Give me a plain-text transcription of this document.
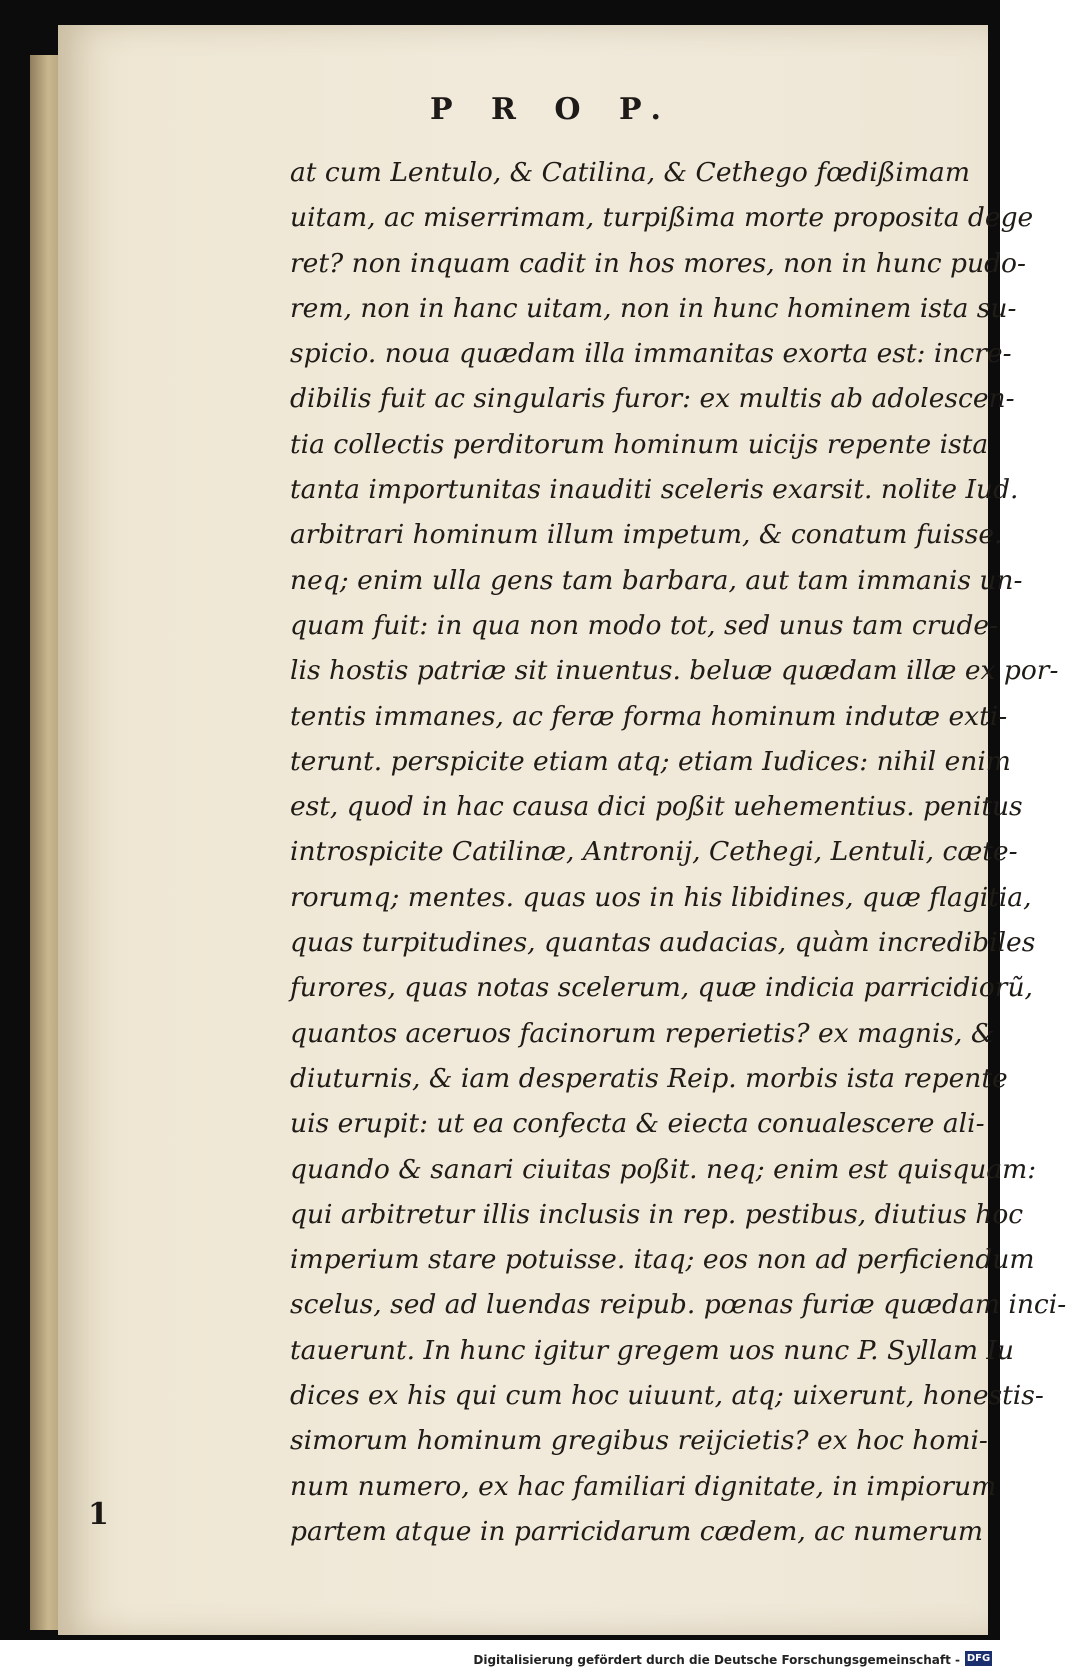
P R O P.
at cum Lentulo, & Catilina, & Cethego fœdißimam
uitam, ac miserrimam, turpißima morte proposita dege
ret? non inquam cadit in hos mores, non in hunc pudo-
rem, non in hanc uitam, non in hunc hominem ista su-
spicio. noua quædam illa immanitas exorta est: incre-
dibilis fuit ac singularis furor: ex multis ab adolescen-
tia collectis perditorum hominum uicijs repente ista
tanta importunitas inauditi sceleris exarsit. nolite Iud.
arbitrari hominum illum impetum, & conatum fuisse.
neq; enim ulla gens tam barbara, aut tam immanis un-
quam fuit: in qua non modo tot, sed unus tam crude-
lis hostis patriæ sit inuentus. beluæ quædam illæ ex por-
tentis immanes, ac feræ forma hominum indutæ exti-
terunt. perspicite etiam atq; etiam Iudices: nihil enim
est, quod in hac causa dici poßit uehementius. penitus
introspicite Catilinæ, Antronij, Cethegi, Lentuli, cæte-
rorumq; mentes. quas uos in his libidines, quæ flagitia,
quas turpitudines, quantas audacias, quàm incredibiles
furores, quas notas scelerum, quæ indicia parricidiorũ,
quantos aceruos facinorum reperietis? ex magnis, &
diuturnis, & iam desperatis Reip. morbis ista repente
uis erupit: ut ea confecta & eiecta conualescere ali-
quando & sanari ciuitas poßit. neq; enim est quisquam:
qui arbitretur illis inclusis in rep. pestibus, diutius hoc
imperium stare potuisse. itaq; eos non ad perficiendum
scelus, sed ad luendas reipub. pœnas furiæ quædam inci-
tauerunt. In hunc igitur gregem uos nunc P. Syllam Iu
dices ex his qui cum hoc uiuunt, atq; uixerunt, honestis-
simorum hominum gregibus reijcietis? ex hoc homi-
num numero, ex hac familiari dignitate, in impiorum
partem atque in parricidarum cædem, ac numerum
1
Digitalisierung gefördert durch die Deutsche Forschungsgemeinschaft - DFG
